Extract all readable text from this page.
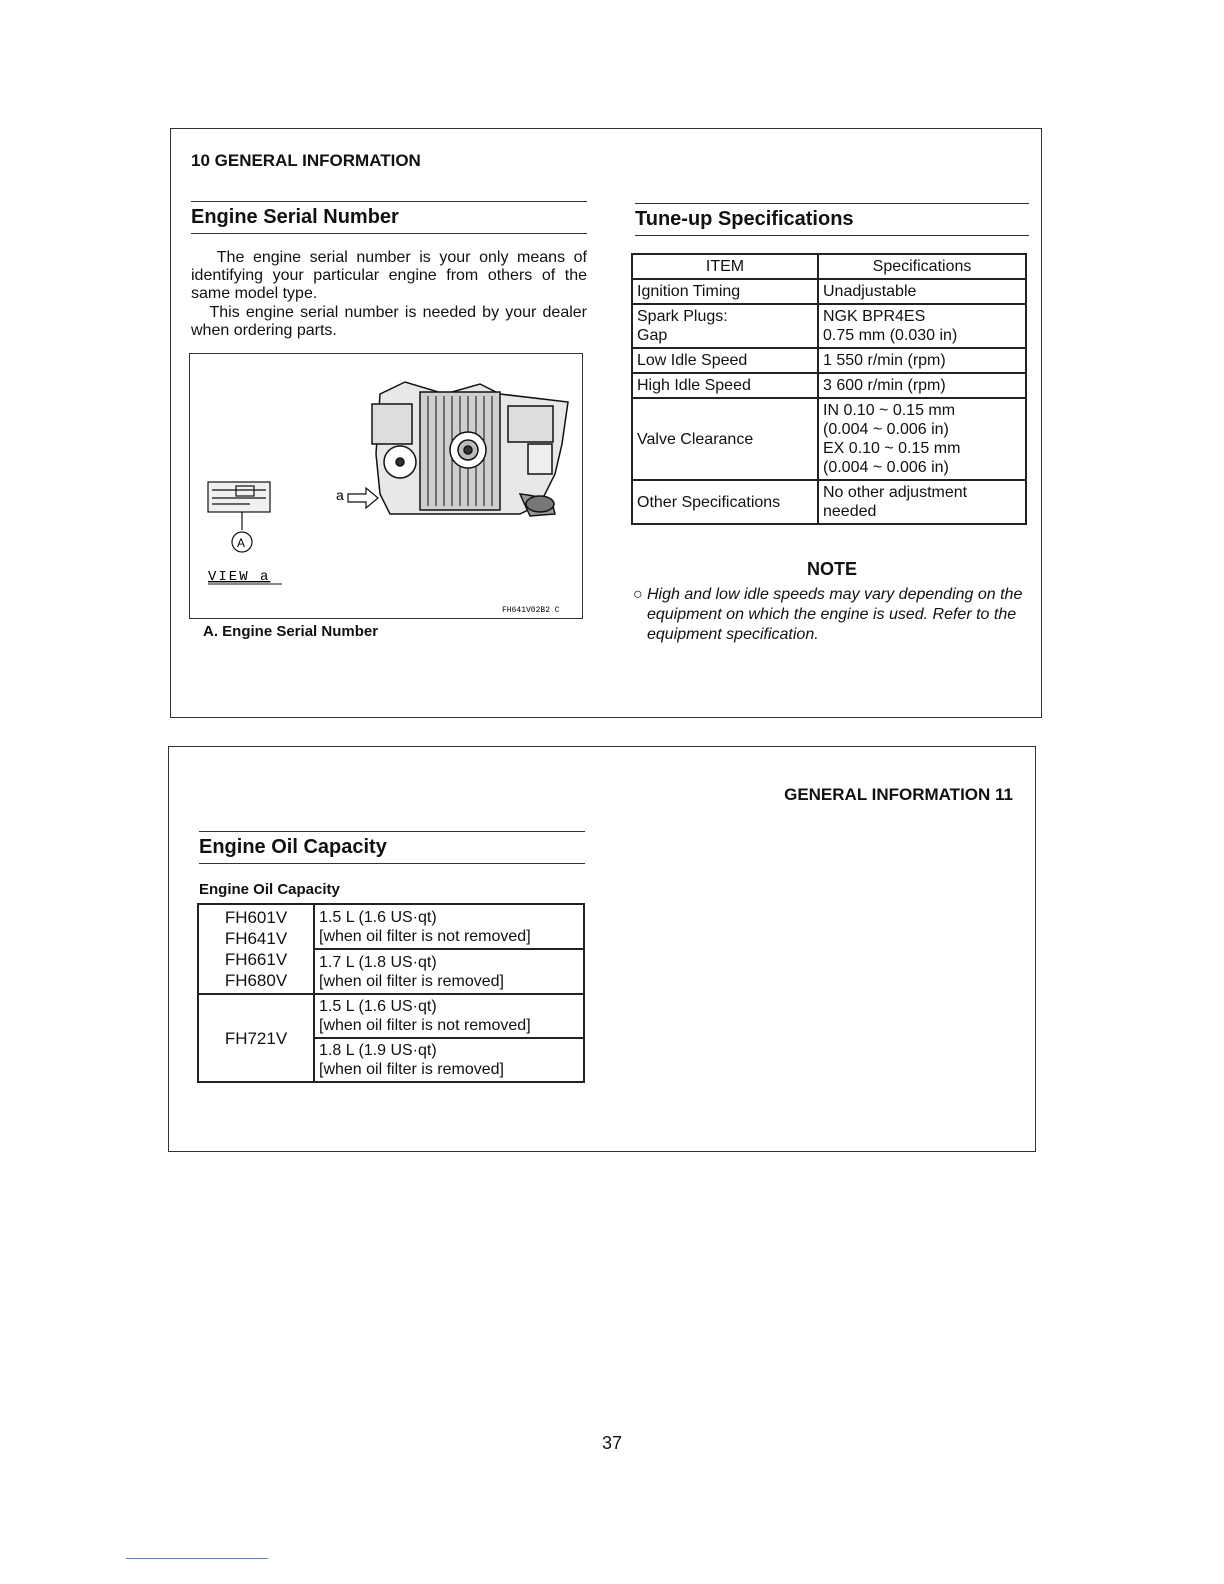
10 GENERAL INFORMATION
Engine Serial Number
The engine serial number is your only means of identifying your particular engine from others of the same model type.
This engine serial number is needed by your dealer when ordering parts.
a
A
VIEW a
FH641V02B2 C
A. Engine Serial Number
Tune-up Specifications
ITEM	Specifications
Ignition Timing	Unadjustable
Spark Plugs:
Gap	NGK BPR4ES
0.75 mm (0.030 in)
Low Idle Speed	1 550 r/min (rpm)
High Idle Speed	3 600 r/min (rpm)
Valve Clearance	IN 0.10 ~ 0.15 mm
(0.004 ~ 0.006 in)
EX 0.10 ~ 0.15 mm
(0.004 ~ 0.006 in)
Other Specifications	No other adjustment
needed
NOTE
○ High and low idle speeds may vary depending on the equipment on which the engine is used. Refer to the equipment specification.
GENERAL INFORMATION 11
Engine Oil Capacity
Engine Oil Capacity
FH601V
FH641V
FH661V
FH680V	1.5 L (1.6 US·qt)
[when oil filter is not removed]
	1.7 L (1.8 US·qt)
[when oil filter is removed]
FH721V	1.5 L (1.6 US·qt)
[when oil filter is not removed]
	1.8 L (1.9 US·qt)
[when oil filter is removed]
37
